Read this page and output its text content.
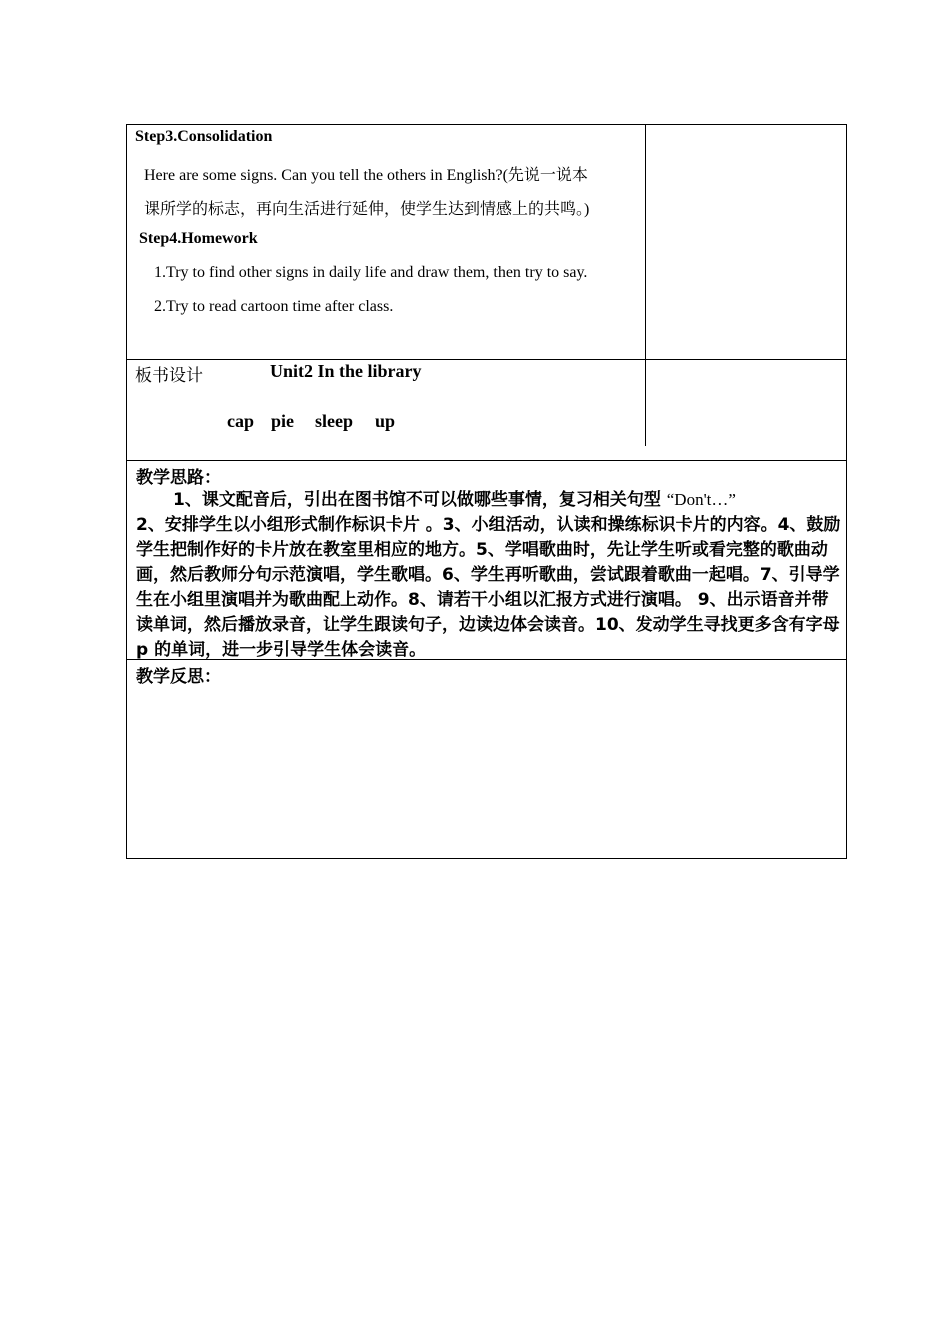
Step3.Consolidation
Here are some signs. Can you tell the others in English?(先说一说本
课所学的标志，再向生活进行延伸，使学生达到情感上的共鸣。)
Step4.Homework
1.Try to find other signs in daily life and draw them, then try to say.
2.Try to read cartoon time after class.
板书设计	Unit2 In the library
cap pie sleep up
教学思路：
1、课文配音后，引出在图书馆不可以做哪些事情，复习相关句型 “Don't…”
2、安排学生以小组形式制作标识卡片 。3、小组活动，认读和操练标识卡片的内容。4、鼓励学生把制作好的卡片放在教室里相应的地方。5、学唱歌曲时，先让学生听或看完整的歌曲动画，然后教师分句示范演唱，学生歌唱。6、学生再听歌曲，尝试跟着歌曲一起唱。7、引导学生在小组里演唱并为歌曲配上动作。8、请若干小组以汇报方式进行演唱。 9、出示语音并带读单词，然后播放录音，让学生跟读句子，边读边体会读音。10、发动学生寻找更多含有字母 p 的单词，进一步引导学生体会读音。
教学反思：
